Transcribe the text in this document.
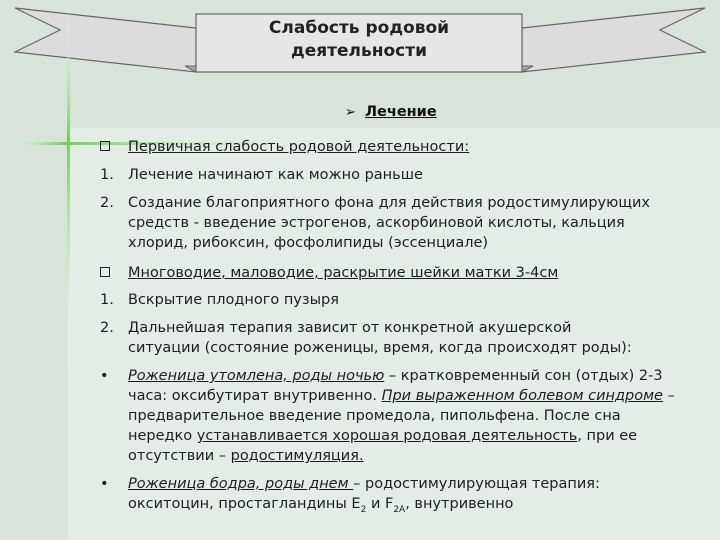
Слабость родовой
деятельности
➢ Лечение
Первичная слабость родовой деятельности:
1. Лечение начинают как можно раньше
2. Создание благоприятного фона для действия родостимулирующих средств - введение эстрогенов, аскорбиновой кислоты, кальция хлорид, рибоксин, фосфолипиды (эссенциале)
Многоводие, маловодие, раскрытие шейки матки 3-4см
1. Вскрытие плодного пузыря
2. Дальнейшая терапия зависит от конкретной акушерской ситуации (состояние роженицы, время, когда происходят роды):
•	Роженица утомлена, роды ночью – кратковременный сон (отдых) 2-3 часа: оксибутират внутривенно. При выраженном болевом синдроме – предварительное введение промедола, пипольфена. После сна нередко устанавливается хорошая родовая деятельность, при ее отсутствии – родостимуляция.
•	Роженица бодра, роды днем – родостимулирующая терапия: окситоцин, простагландины $Е_2$ и $F_{2А}$, внутривенно
